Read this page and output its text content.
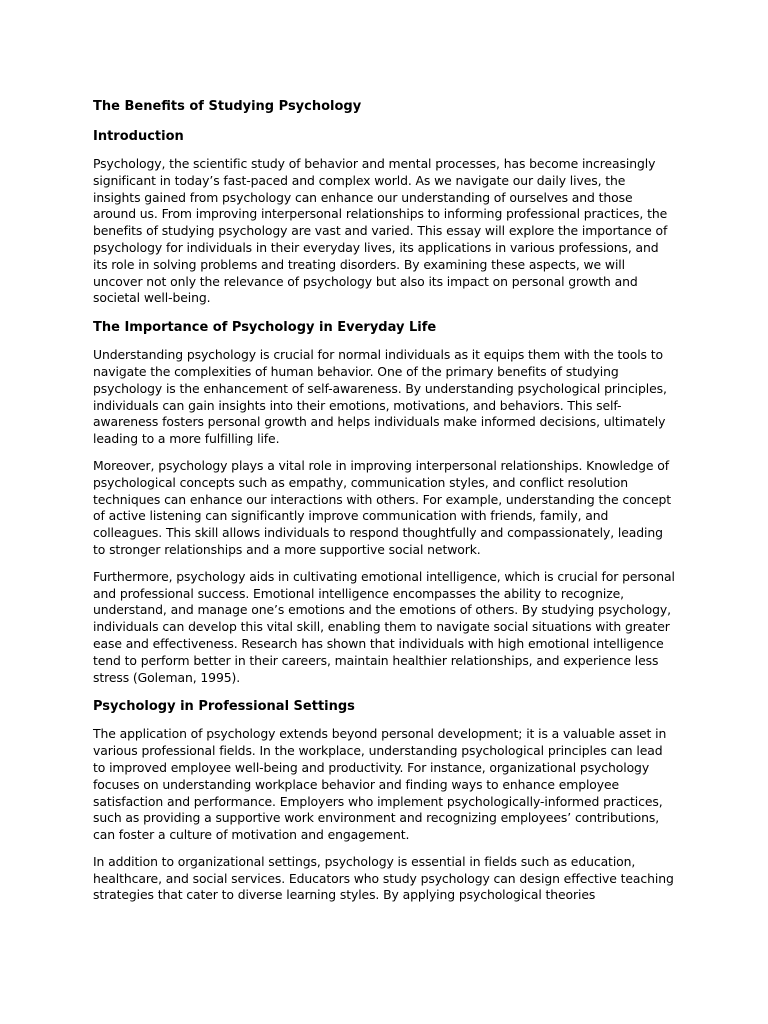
The Benefits of Studying Psychology
Introduction

Psychology, the scientific study of behavior and mental processes, has become increasingly significant in today’s fast-paced and complex world. As we navigate our daily lives, the insights gained from psychology can enhance our understanding of ourselves and those around us. From improving interpersonal relationships to informing professional practices, the benefits of studying psychology are vast and varied. This essay will explore the importance of psychology for individuals in their everyday lives, its applications in various professions, and its role in solving problems and treating disorders. By examining these aspects, we will uncover not only the relevance of psychology but also its impact on personal growth and societal well-being.

The Importance of Psychology in Everyday Life

Understanding psychology is crucial for normal individuals as it equips them with the tools to navigate the complexities of human behavior. One of the primary benefits of studying psychology is the enhancement of self-awareness. By understanding psychological principles, individuals can gain insights into their emotions, motivations, and behaviors. This self-awareness fosters personal growth and helps individuals make informed decisions, ultimately leading to a more fulfilling life.

Moreover, psychology plays a vital role in improving interpersonal relationships. Knowledge of psychological concepts such as empathy, communication styles, and conflict resolution techniques can enhance our interactions with others. For example, understanding the concept of active listening can significantly improve communication with friends, family, and colleagues. This skill allows individuals to respond thoughtfully and compassionately, leading to stronger relationships and a more supportive social network.

Furthermore, psychology aids in cultivating emotional intelligence, which is crucial for personal and professional success. Emotional intelligence encompasses the ability to recognize, understand, and manage one’s emotions and the emotions of others. By studying psychology, individuals can develop this vital skill, enabling them to navigate social situations with greater ease and effectiveness. Research has shown that individuals with high emotional intelligence tend to perform better in their careers, maintain healthier relationships, and experience less stress (Goleman, 1995).

Psychology in Professional Settings

The application of psychology extends beyond personal development; it is a valuable asset in various professional fields. In the workplace, understanding psychological principles can lead to improved employee well-being and productivity. For instance, organizational psychology focuses on understanding workplace behavior and finding ways to enhance employee satisfaction and performance. Employers who implement psychologically-informed practices, such as providing a supportive work environment and recognizing employees’ contributions, can foster a culture of motivation and engagement.

In addition to organizational settings, psychology is essential in fields such as education, healthcare, and social services. Educators who study psychology can design effective teaching strategies that cater to diverse learning styles. By applying psychological theories
